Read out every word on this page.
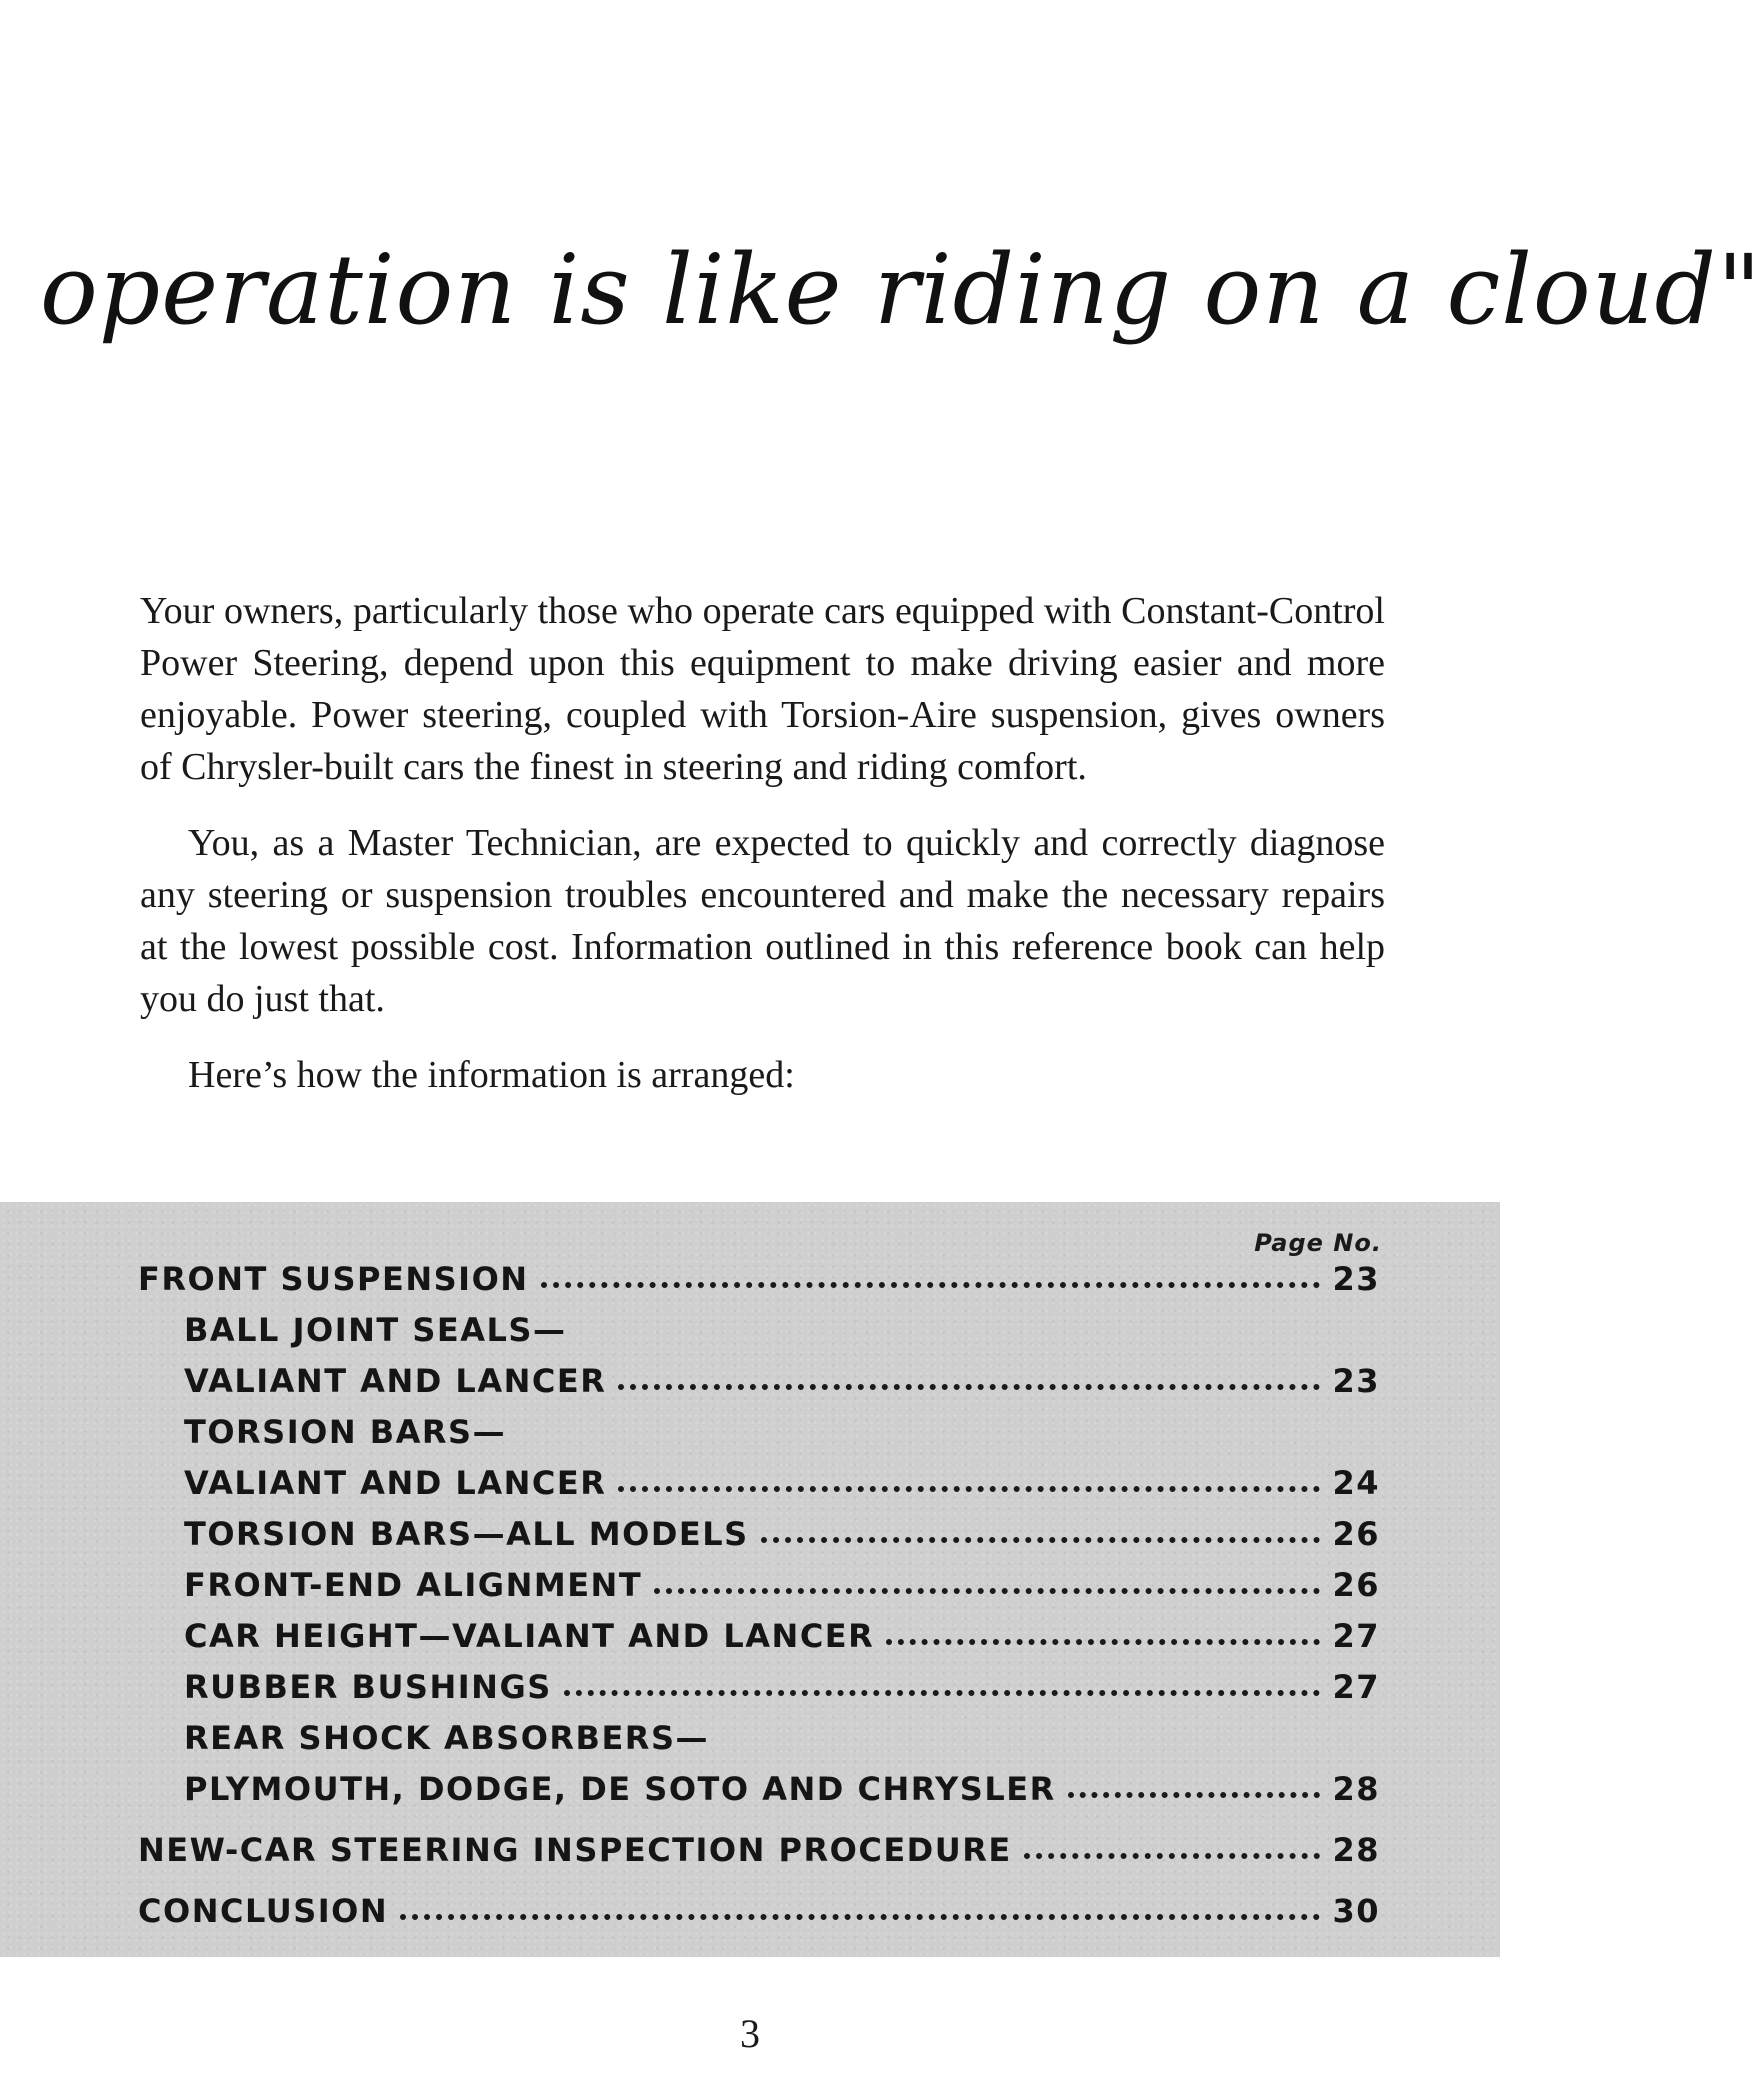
operation is like riding on a cloud"

Your owners, particularly those who operate cars equipped with Constant-Control Power Steering, depend upon this equipment to make driving easier and more enjoyable. Power steering, coupled with Torsion-Aire suspension, gives owners of Chrysler-built cars the finest in steering and riding comfort.

You, as a Master Technician, are expected to quickly and correctly diagnose any steering or suspension troubles encountered and make the necessary repairs at the lowest possible cost. Information outlined in this reference book can help you do just that.

Here’s how the information is arranged:

Page No.
FRONT SUSPENSION	23
BALL JOINT SEALS—
VALIANT AND LANCER	23
TORSION BARS—
VALIANT AND LANCER	24
TORSION BARS—ALL MODELS	26
FRONT-END ALIGNMENT	26
CAR HEIGHT—VALIANT AND LANCER	27
RUBBER BUSHINGS	27
REAR SHOCK ABSORBERS—
PLYMOUTH, DODGE, DE SOTO AND CHRYSLER	28
NEW-CAR STEERING INSPECTION PROCEDURE	28
CONCLUSION	30
3
